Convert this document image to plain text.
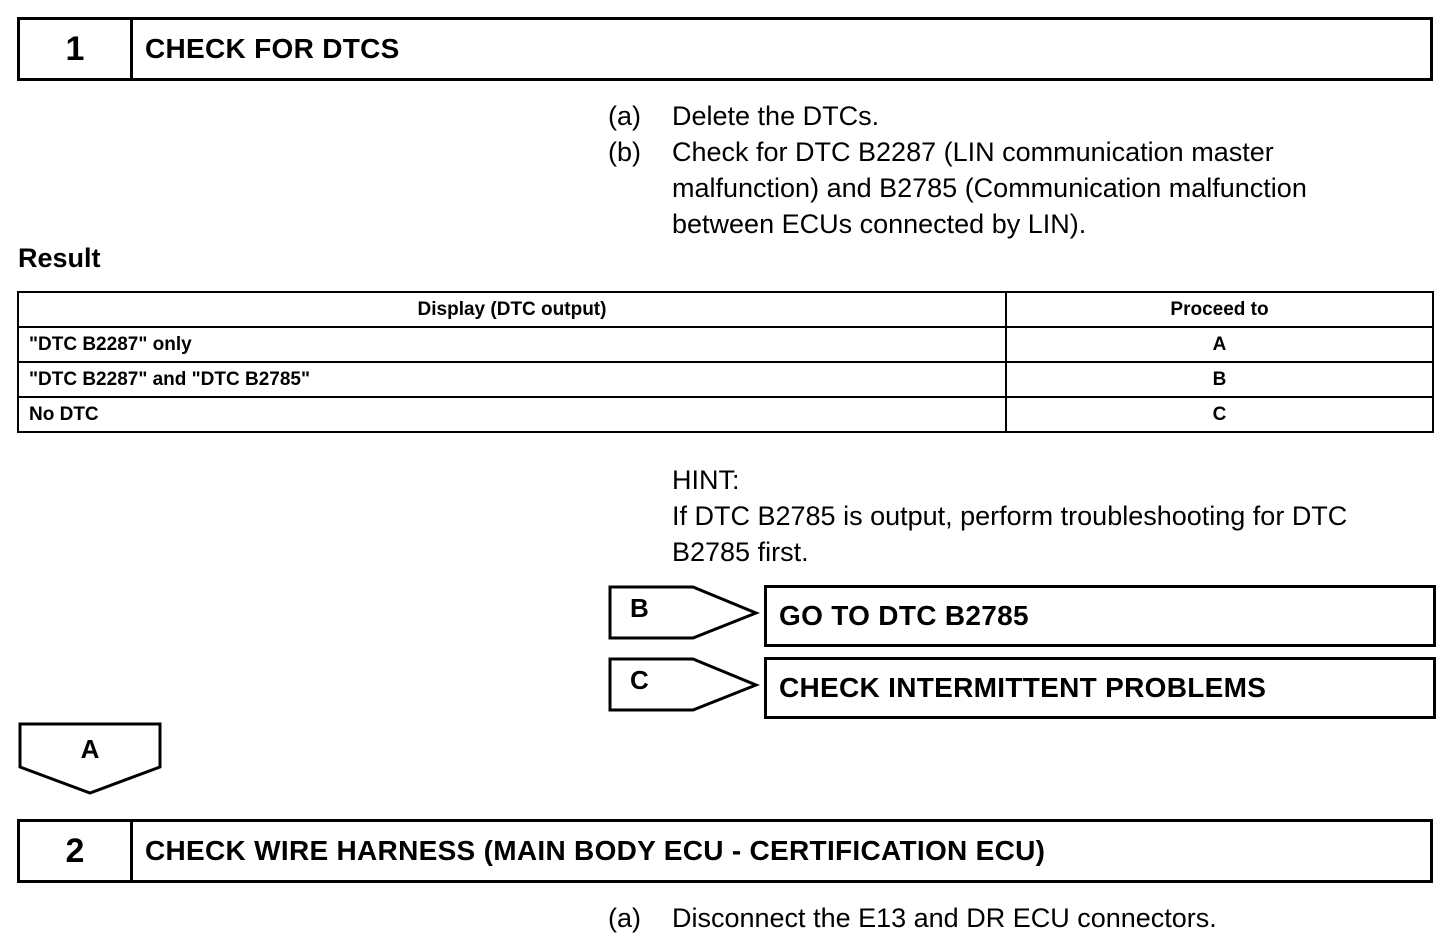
1	CHECK FOR DTCS
(a)	Delete the DTCs.
(b)	Check for DTC B2287 (LIN communication master
malfunction) and B2785 (Communication malfunction
between ECUs connected by LIN).
Result
Display (DTC output)	Proceed to
"DTC B2287" only	A
"DTC B2287" and "DTC B2785"	B
No DTC	C
HINT:
If DTC B2785 is output, perform troubleshooting for DTC
B2785 first.
B	GO TO DTC B2785
C	CHECK INTERMITTENT PROBLEMS
A
2	CHECK WIRE HARNESS (MAIN BODY ECU - CERTIFICATION ECU)
(a)	Disconnect the E13 and DR ECU connectors.
